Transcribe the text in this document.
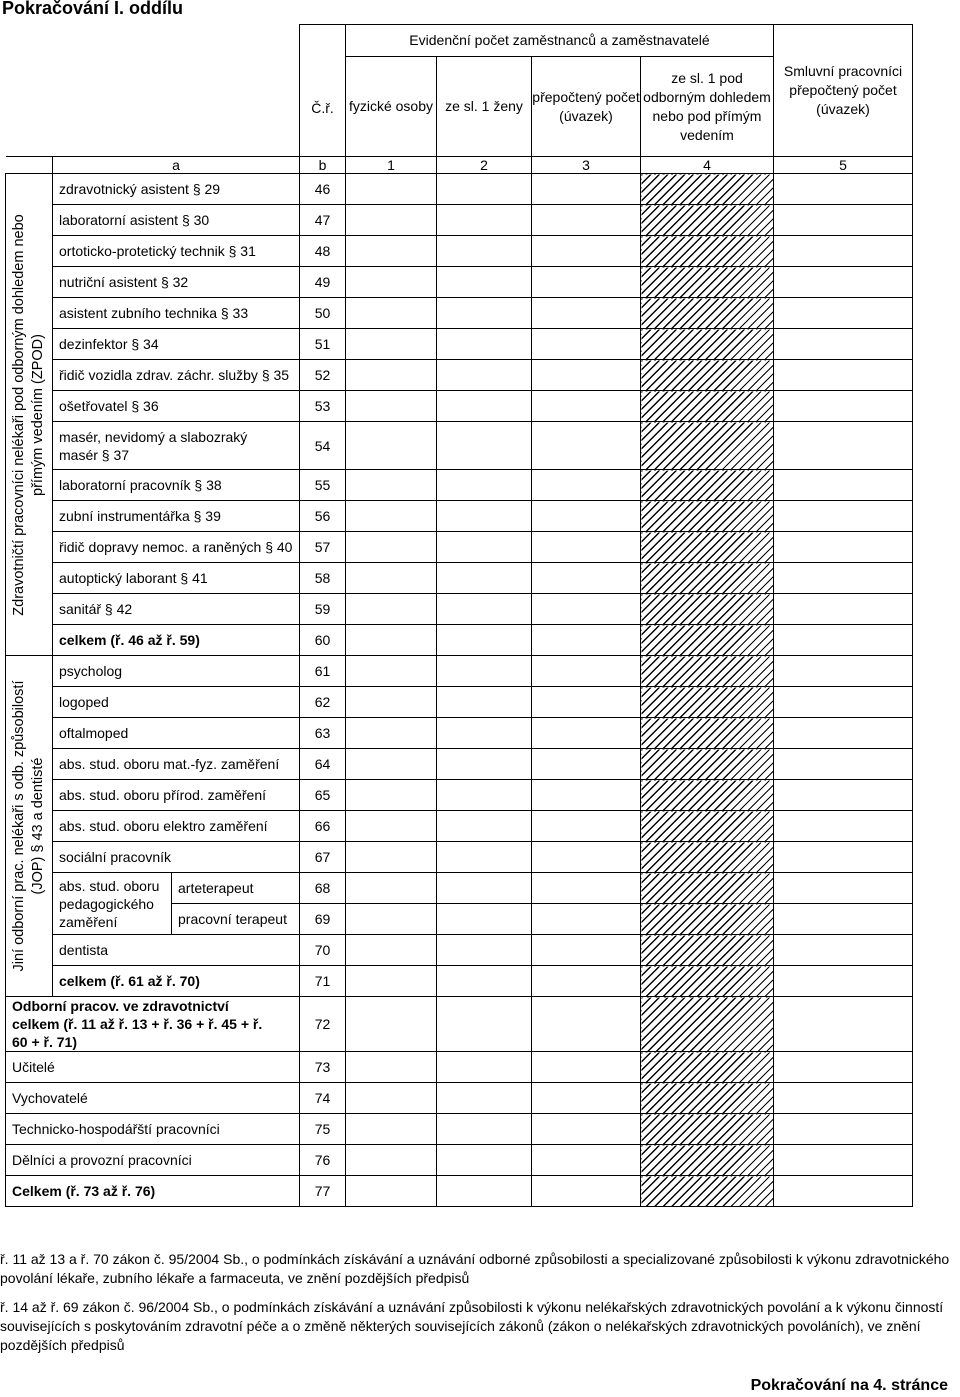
Pokračování I. oddílu
			Č.ř.	Evidenční počet zaměstnanců a zaměstnavatelé				Smluvní pracovníci přepočtený počet (úvazek)
				fyzické osoby	ze sl. 1 ženy	přepočtený počet (úvazek)	ze sl. 1 pod odborným dohledem nebo pod přímým vedením	
	a		b	1	2	3	4	5

Zdravotničtí pracovníci nelékaři pod odborným dohledem nebo přímým vedením (ZPOD)	zdravotnický asistent § 29		46					
	laboratorní asistent § 30		47					
	ortoticko-protetický technik § 31		48					
	nutriční asistent § 32		49					
	asistent zubního technika § 33		50					
	dezinfektor § 34		51					
	řidič vozidla zdrav. záchr. služby § 35		52					
	ošetřovatel § 36		53					
	masér, nevidomý a slabozraký masér § 37		54					
	laboratorní pracovník § 38		55					
	zubní instrumentářka § 39		56					
	řidič dopravy nemoc. a raněných § 40		57					
	autoptický laborant § 41		58					
	sanitář § 42		59					
	celkem (ř. 46 až ř. 59)		60					

Jiní odborní prac. nelékaři s odb. způsobilostí (JOP) § 43 a dentisté	psycholog		61					
	logoped		62					
	oftalmoped		63					
	abs. stud. oboru mat.-fyz. zaměření		64					
	abs. stud. oboru přírod. zaměření		65					
	abs. stud. oboru elektro zaměření		66					
	sociální pracovník		67					
	abs. stud. oboru pedagogického zaměření	arteterapeut	68					
		pracovní terapeut	69					
	dentista		70					
	celkem (ř. 61 až ř. 70)		71					
Odborní pracov. ve zdravotnictví celkem (ř. 11 až ř. 13 + ř. 36 + ř. 45 + ř. 60 + ř. 71)			72					
Učitelé			73					
Vychovatelé			74					
Technicko-hospodářští pracovníci			75					
Dělníci a provozní pracovníci			76					
Celkem (ř. 73 až ř. 76)			77					
ř. 11 až 13 a ř. 70 zákon č. 95/2004 Sb., o podmínkách získávání a uznávání odborné způsobilosti a specializované způsobilosti k výkonu zdravotnického povolání lékaře, zubního lékaře a farmaceuta, ve znění pozdějších předpisů
ř. 14 až ř. 69 zákon č. 96/2004 Sb., o podmínkách získávání a uznávání způsobilosti k výkonu nelékařských zdravotnických povolání a k výkonu činností souvisejících s poskytováním zdravotní péče a o změně některých souvisejících zákonů (zákon o nelékařských zdravotnických povoláních), ve znění pozdějších předpisů
Pokračování na 4. stránce
